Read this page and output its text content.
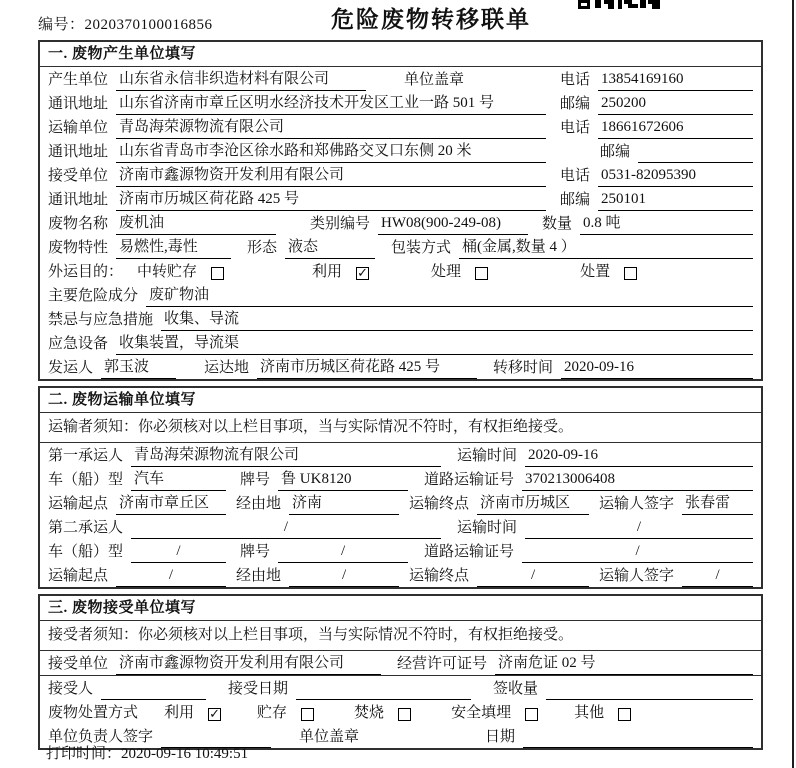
编号：2020370100016856	危险废物转移联单
一. 废物产生单位填写
产生单位 山东省永信非织造材料有限公司	单位盖章	电话 13854169160
通讯地址 山东省济南市章丘区明水经济技术开发区工业一路 501 号	邮编 250200
运输单位 青岛海荣源物流有限公司	电话 18661672606
通讯地址 山东省青岛市李沧区徐水路和郑佛路交叉口东侧 20 米	邮编
接受单位 济南市鑫源物资开发利用有限公司	电话 0531-82095390
通讯地址 济南市历城区荷花路 425 号	邮编 250101
废物名称 废机油	类别编号 HW08(900-249-08)	数量 0.8 吨
废物特性 易燃性,毒性	形态 液态	包装方式 桶(金属,数量 4 ）
外运目的： 中转贮存	利用 ✓	处理	处置
主要危险成分 废矿物油
禁忌与应急措施 收集、导流
应急设备 收集装置，导流渠
发运人 郭玉波	运达地 济南市历城区荷花路 425 号	转移时间 2020-09-16
二. 废物运输单位填写
运输者须知：你必须核对以上栏目事项，当与实际情况不符时，有权拒绝接受。
第一承运人 青岛海荣源物流有限公司	运输时间 2020-09-16
车（船）型 汽车	牌号 鲁 UK8120	道路运输证号 370213006408
运输起点 济南市章丘区	经由地 济南	运输终点 济南市历城区	运输人签字 张春雷
第二承运人	/	运输时间	/
车（船）型	/	牌号	/	道路运输证号	/
运输起点	/	经由地	/	运输终点	/	运输人签字	/
三. 废物接受单位填写
接受者须知：你必须核对以上栏目事项，当与实际情况不符时，有权拒绝接受。
接受单位 济南市鑫源物资开发利用有限公司	经营许可证号 济南危证 02 号
接受人	接受日期	签收量
废物处置方式 利用 ✓ 贮存	焚烧	安全填埋	其他
单位负责人签字	单位盖章	日期
打印时间：2020-09-16 10:49:51
